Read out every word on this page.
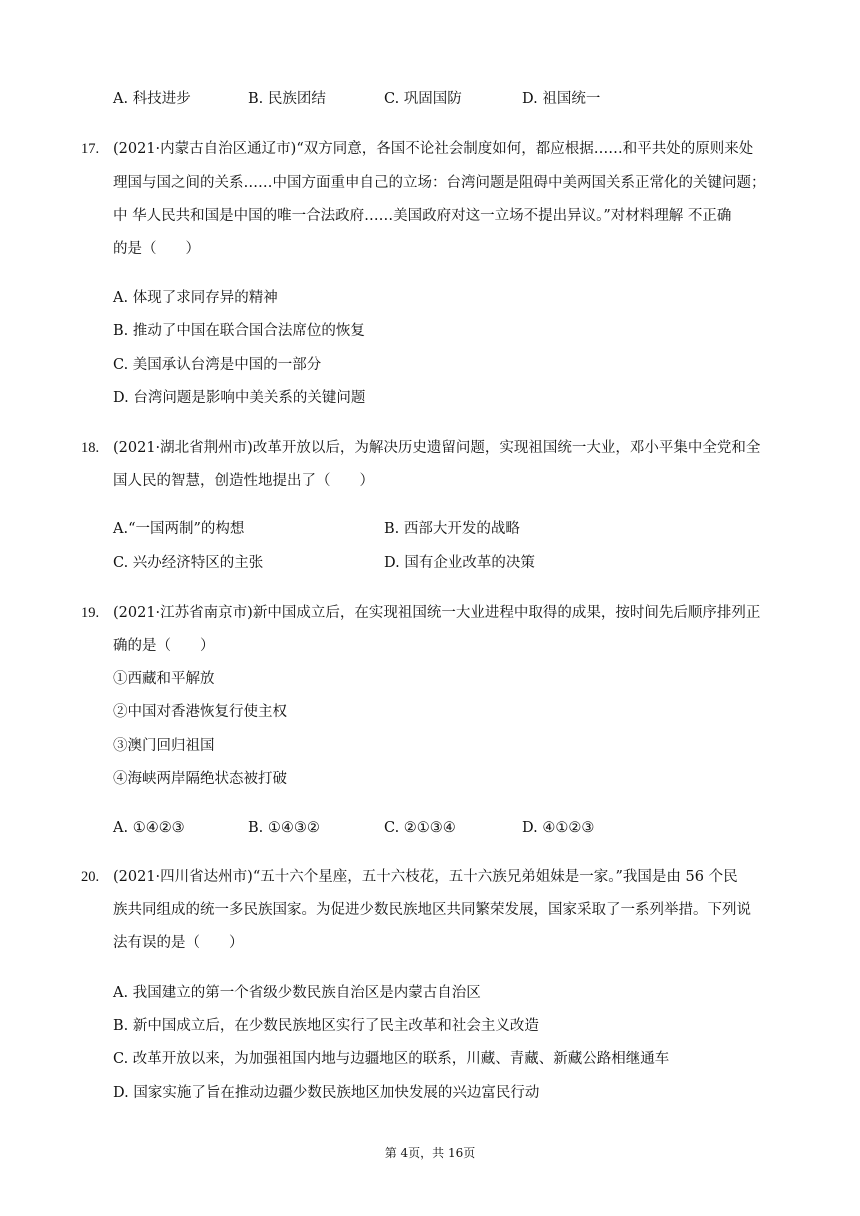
A. 科技进步	B. 民族团结	C. 巩固国防	D. 祖国统一
17. (2021·内蒙古自治区通辽市)“双方同意，各国不论社会制度如何，都应根据……和平共处的原则来处
理国与国之间的关系……中国方面重申自己的立场：台湾问题是阻碍中美两国关系正常化的关键问题；
中 华人民共和国是中国的唯一合法政府……美国政府对这一立场不提出异议。”对材料理解 不正确
的是（　　）
A. 体现了求同存异的精神
B. 推动了中国在联合国合法席位的恢复
C. 美国承认台湾是中国的一部分
D. 台湾问题是影响中美关系的关键问题
18. (2021·湖北省荆州市)改革开放以后，为解决历史遗留问题，实现祖国统一大业，邓小平集中全党和全
国人民的智慧，创造性地提出了（　　）
A.“一国两制”的构想	B. 西部大开发的战略
C. 兴办经济特区的主张	D. 国有企业改革的决策
19. (2021·江苏省南京市)新中国成立后，在实现祖国统一大业进程中取得的成果，按时间先后顺序排列正
确的是（　　）
①西藏和平解放
②中国对香港恢复行使主权
③澳门回归祖国
④海峡两岸隔绝状态被打破
A. ①④②③	B. ①④③②	C. ②①③④	D. ④①②③
20. (2021·四川省达州市)“五十六个星座，五十六枝花，五十六族兄弟姐妹是一家。”我国是由 56 个民
族共同组成的统一多民族国家。为促进少数民族地区共同繁荣发展，国家采取了一系列举措。下列说
法有误的是（　　）
A. 我国建立的第一个省级少数民族自治区是内蒙古自治区
B. 新中国成立后，在少数民族地区实行了民主改革和社会主义改造
C. 改革开放以来，为加强祖国内地与边疆地区的联系，川藏、青藏、新藏公路相继通车
D. 国家实施了旨在推动边疆少数民族地区加快发展的兴边富民行动
第 4页，共 16页
